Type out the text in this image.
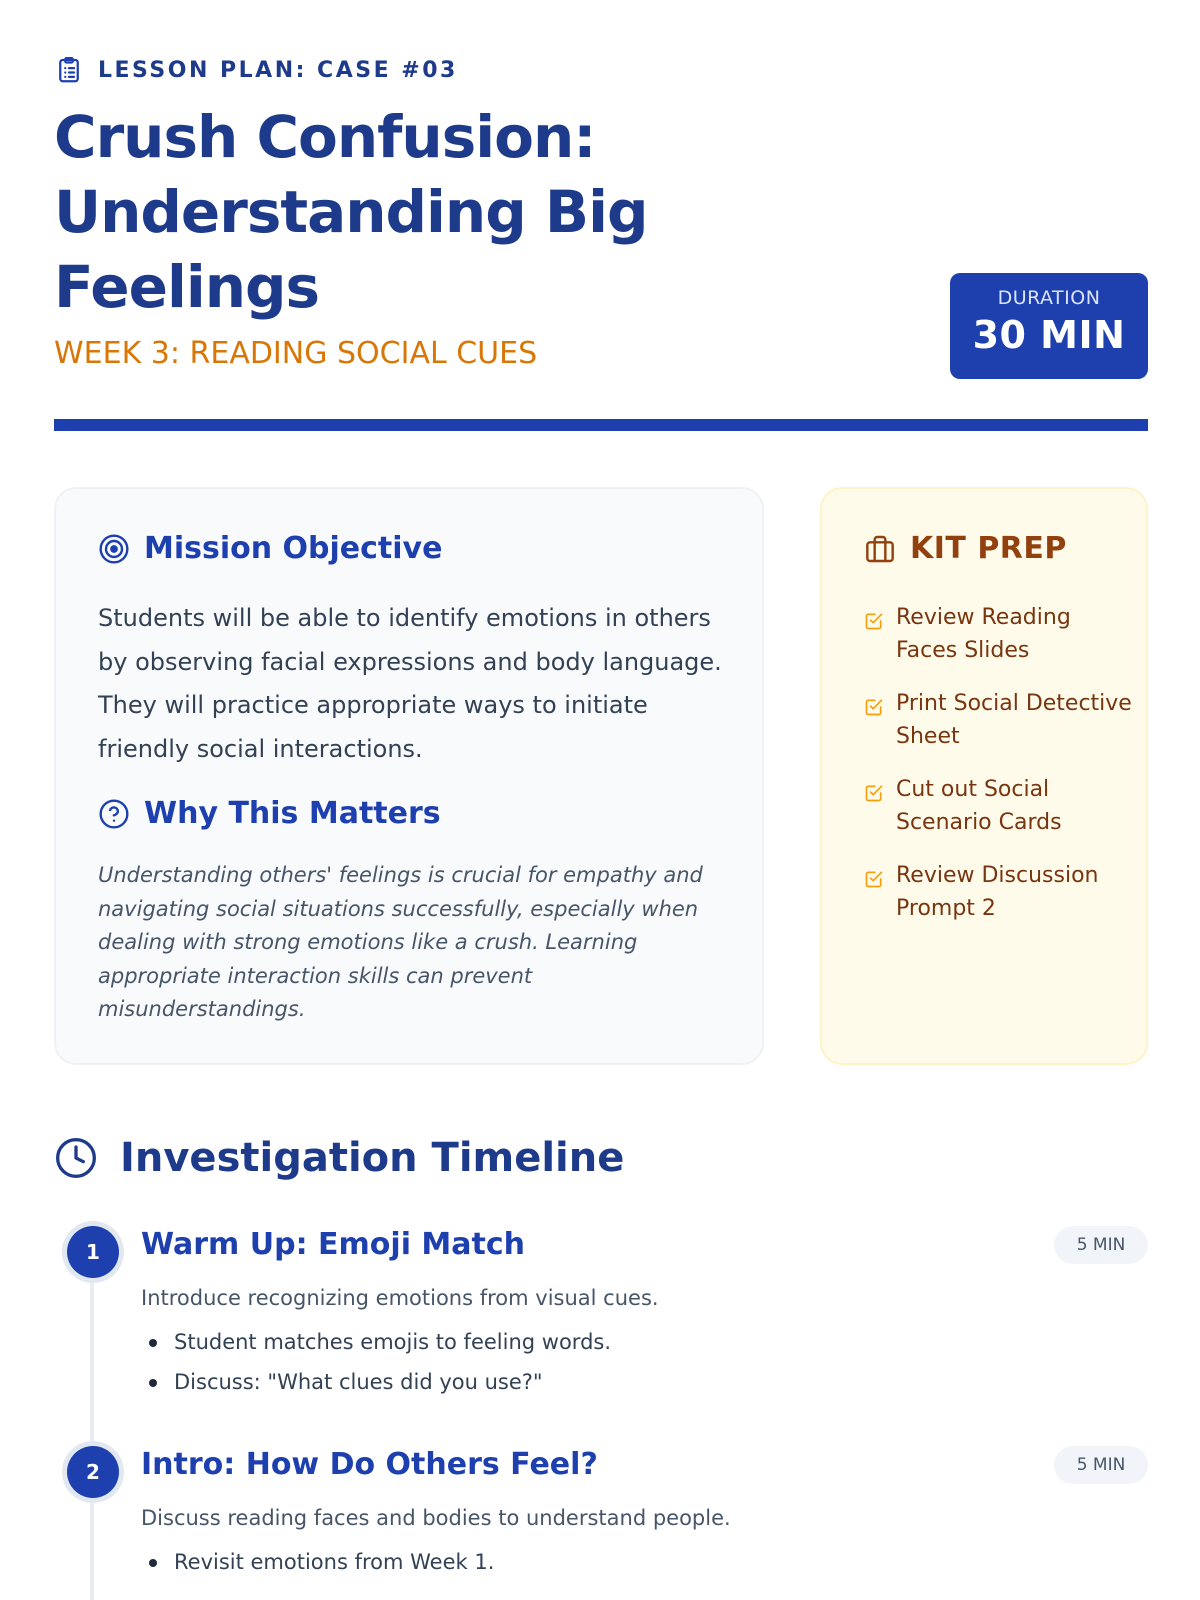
LESSON PLAN: CASE #03
Crush Confusion: Understanding Big Feelings
WEEK 3: READING SOCIAL CUES
DURATION
30 MIN
Mission Objective

Students will be able to identify emotions in others by observing facial expressions and body language. They will practice appropriate ways to initiate friendly social interactions.

Why This Matters

Understanding others' feelings is crucial for empathy and navigating social situations successfully, especially when dealing with strong emotions like a crush. Learning appropriate interaction skills can prevent misunderstandings.

KIT PREP
Review Reading Faces Slides
Print Social Detective Sheet
Cut out Social Scenario Cards
Review Discussion Prompt 2
Investigation Timeline
1	Warm Up: Emoji Match	5 MIN
Introduce recognizing emotions from visual cues.
Student matches emojis to feeling words.
Discuss: "What clues did you use?"
2	Intro: How Do Others Feel?	5 MIN
Discuss reading faces and bodies to understand people.
Revisit emotions from Week 1.
